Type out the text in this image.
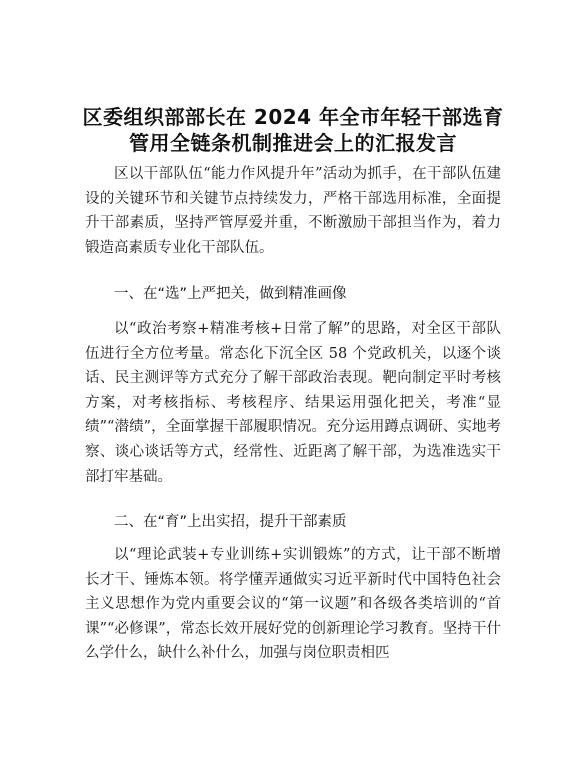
区委组织部部长在 2024 年全市年轻干部选育管用全链条机制推进会上的汇报发言

区以干部队伍“能力作风提升年”活动为抓手，在干部队伍建设的关键环节和关键节点持续发力，严格干部选用标准，全面提升干部素质，坚持严管厚爱并重，不断激励干部担当作为，着力锻造高素质专业化干部队伍。

一、在“选”上严把关，做到精准画像

以“政治考察+精准考核+日常了解”的思路，对全区干部队伍进行全方位考量。常态化下沉全区 58 个党政机关，以逐个谈话、民主测评等方式充分了解干部政治表现。靶向制定平时考核方案，对考核指标、考核程序、结果运用强化把关，考准“显绩”“潜绩”，全面掌握干部履职情况。充分运用蹲点调研、实地考察、谈心谈话等方式，经常性、近距离了解干部，为选准选实干部打牢基础。

二、在“育”上出实招，提升干部素质

以“理论武装+专业训练+实训锻炼”的方式，让干部不断增长才干、锤炼本领。将学懂弄通做实习近平新时代中国特色社会主义思想作为党内重要会议的“第一议题”和各级各类培训的“首课”“必修课”，常态长效开展好党的创新理论学习教育。坚持干什么学什么，缺什么补什么，加强与岗位职责相匹
